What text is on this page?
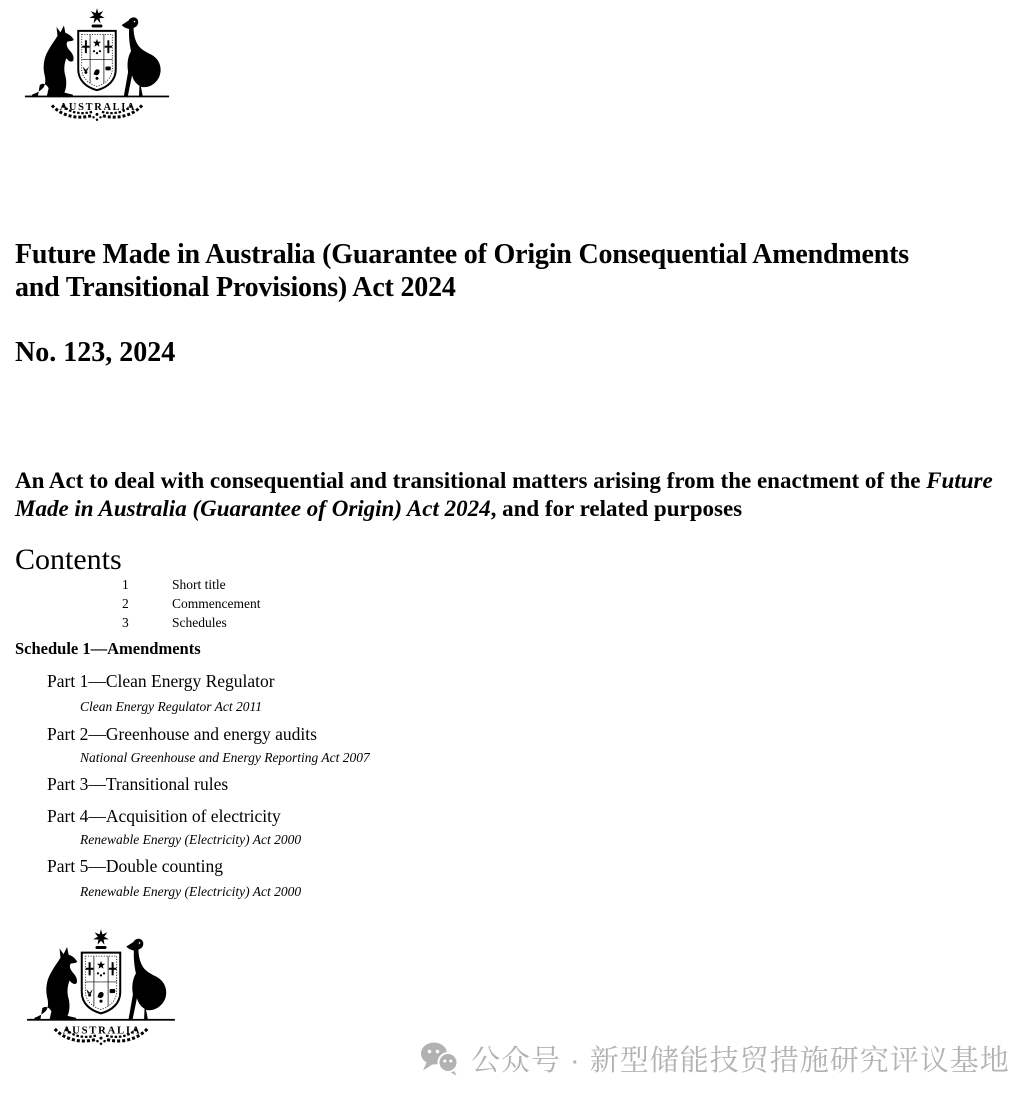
Future Made in Australia (Guarantee of Origin Consequential Amendments
and Transitional Provisions) Act 2024
No. 123, 2024
An Act to deal with consequential and transitional matters arising from the enactment of the Future Made in Australia (Guarantee of Origin) Act 2024, and for related purposes
Contents
1	Short title
2	Commencement
3	Schedules
Schedule 1—Amendments
Part 1—Clean Energy Regulator
Clean Energy Regulator Act 2011
Part 2—Greenhouse and energy audits
National Greenhouse and Energy Reporting Act 2007
Part 3—Transitional rules
Part 4—Acquisition of electricity
Renewable Energy (Electricity) Act 2000
Part 5—Double counting
Renewable Energy (Electricity) Act 2000
公众号 · 新型储能技贸措施研究评议基地
